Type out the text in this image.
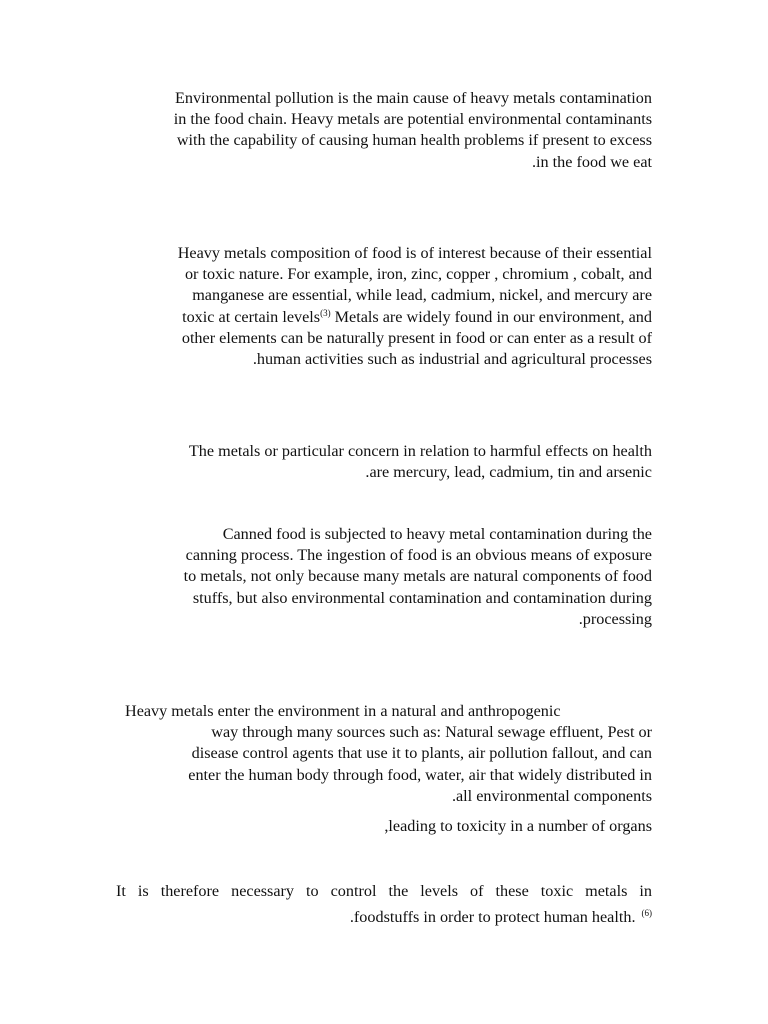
Environmental pollution is the main cause of heavy metals contamination
in the food chain. Heavy metals are potential environmental contaminants
with the capability of causing human health problems if present to excess
.in the food we eat
Heavy metals composition of food is of interest because of their essential
or toxic nature. For example, iron, zinc, copper , chromium , cobalt, and
manganese are essential, while lead, cadmium, nickel, and mercury are
toxic at certain levels$^{(3)}$ Metals are widely found in our environment, and
other elements can be naturally present in food or can enter as a result of
.human activities such as industrial and agricultural processes
The metals or particular concern in relation to harmful effects on health
.are mercury, lead, cadmium, tin and arsenic
Canned food is subjected to heavy metal contamination during the
canning process. The ingestion of food is an obvious means of exposure
to metals, not only because many metals are natural components of food
stuffs, but also environmental contamination and contamination during
.processing
Heavy metals enter the environment in a natural and anthropogenic
way through many sources such as: Natural sewage effluent, Pest or
disease control agents that use it to plants, air pollution fallout, and can
enter the human body through food, water, air that widely distributed in
.all environmental components
,leading to toxicity in a number of organs
It is therefore necessary to control the levels of these toxic metals in
.foodstuffs in order to protect human health. $^{(6)}$
